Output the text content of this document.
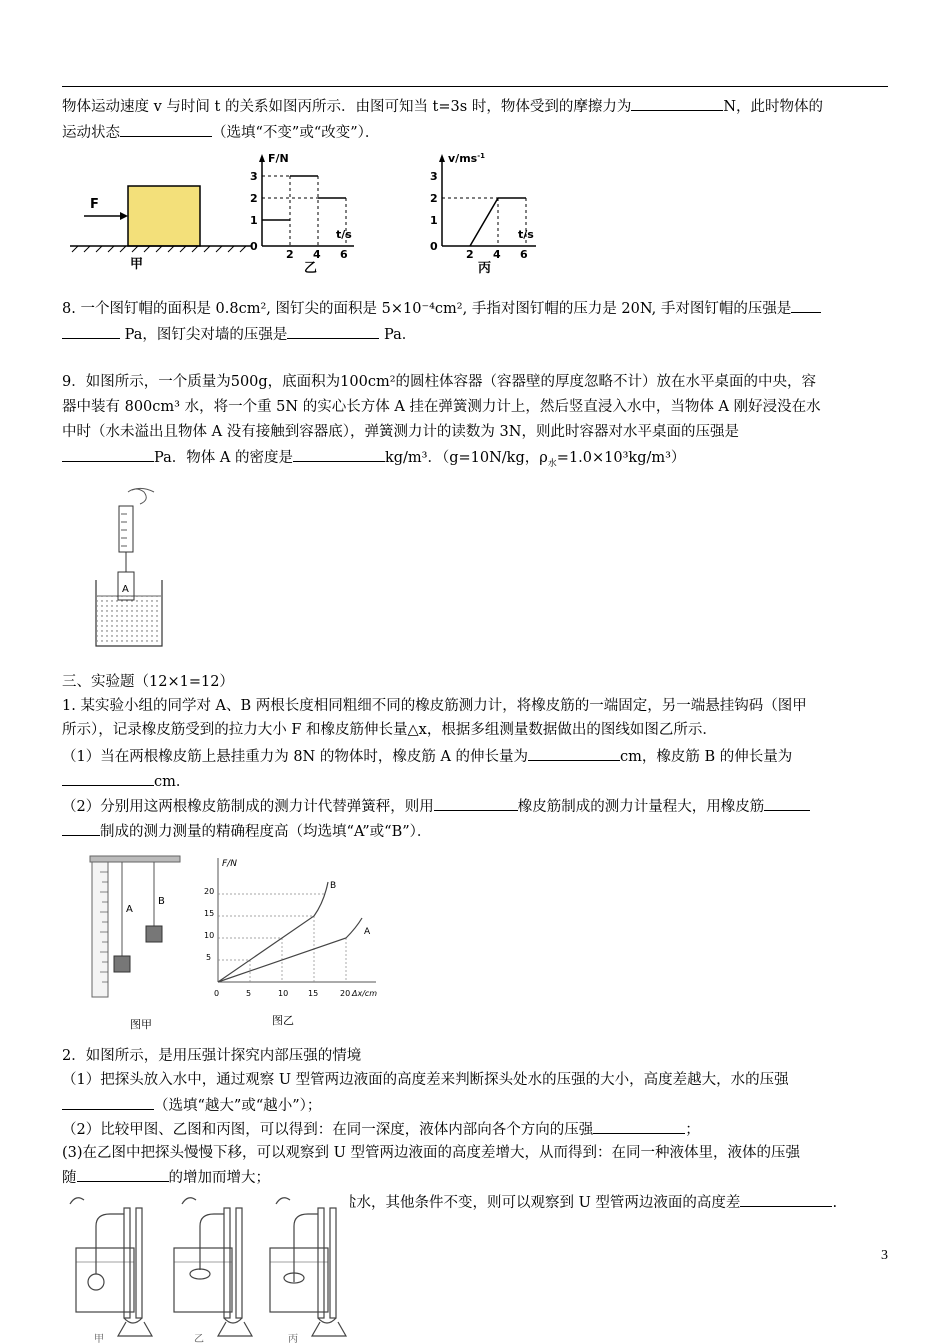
物体运动速度 v 与时间 t 的关系如图丙所示．由图可知当 t=3s 时，物体受到的摩擦力为	N，此时物体的
运动状态	（选填“不变”或“改变”）．
F
甲
F/N
t/s
1
2
3
0
2 4 6
乙
$v/ms^{-1}$
t/s
1
2
3
0
2 4 6
丙
8. 一个图钉帽的面积是 0.8cm², 图钉尖的面积是 5×10⁻⁴cm², 手指对图钉帽的压力是 20N, 手对图钉帽的压强是
Pa，图钉尖对墙的压强是	Pa．
9．如图所示，一个质量为500g，底面积为100cm²的圆柱体容器（容器壁的厚度忽略不计）放在水平桌面的中央，容
器中装有 800cm³ 水，将一个重 5N 的实心长方体 A 挂在弹簧测力计上，然后竖直浸入水中，当物体 A 刚好浸没在水
中时（水未溢出且物体 A 没有接触到容器底），弹簧测力计的读数为 3N，则此时容器对水平桌面的压强是
Pa．物体 A 的密度是	kg/m³．（g=10N/kg，$\rho_水=1.0\times 10^3kg/m^3$）
A
三、实验题（12×1=12）
1. 某实验小组的同学对 A、B 两根长度相同粗细不同的橡皮筋测力计，将橡皮筋的一端固定，另一端悬挂钩码（图甲
所示），记录橡皮筋受到的拉力大小 F 和橡皮筋伸长量△x，根据多组测量数据做出的图线如图乙所示．
（1）当在两根橡皮筋上悬挂重力为 8N 的物体时，橡皮筋 A 的伸长量为	cm，橡皮筋 B 的伸长量为
cm．
（2）分别用这两根橡皮筋制成的测力计代替弹簧秤，则用	橡皮筋制成的测力计量程大，用橡皮筋
制成的测力测量的精确程度高（均选填“A”或“B”）．
A
B
图甲
F/N
Δx/cm
5
10
15
20
0	5	10 15	20
B
A
图乙
2．如图所示，是用压强计探究内部压强的情境
（1）把探头放入水中，通过观察 U 型管两边液面的高度差来判断探头处水的压强的大小，高度差越大，水的压强
（选填“越大”或“越小”）；
（2）比较甲图、乙图和丙图，可以得到：在同一深度，液体内部向各个方向的压强	；
(3)在乙图中把探头慢慢下移，可以观察到 U 型管两边液面的高度差增大，从而得到：在同一种液体里，液体的压强
随	的增加而增大；
盐水，其他条件不变，则可以观察到 U 型管两边液面的高度差	.
甲	乙	丙
3
